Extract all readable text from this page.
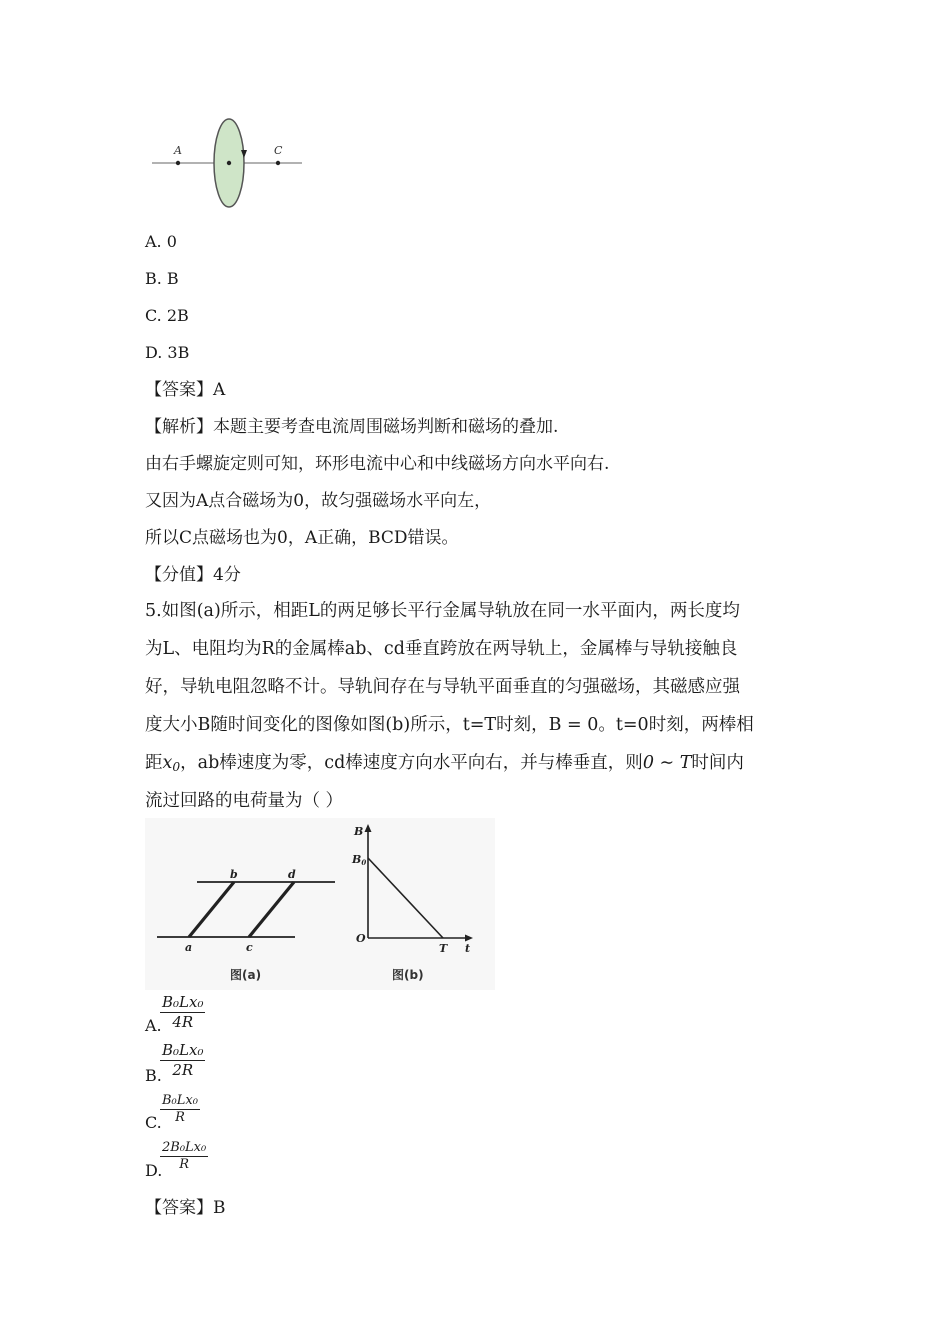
A	C
A. 0
B. B
C. 2B
D. 3B
【答案】A
【解析】本题主要考查电流周围磁场判断和磁场的叠加.
由右手螺旋定则可知，环形电流中心和中线磁场方向水平向右.
又因为A点合磁场为0，故匀强磁场水平向左，
所以C点磁场也为0，A正确，BCD错误。
【分值】4分
5.如图(a)所示，相距L的两足够长平行金属导轨放在同一水平面内，两长度均
为L、电阻均为R的金属棒ab、cd垂直跨放在两导轨上，金属棒与导轨接触良
好，导轨电阻忽略不计。导轨间存在与导轨平面垂直的匀强磁场，其磁感应强
度大小B随时间变化的图像如图(b)所示，t=T时刻，B = 0。t=0时刻，两棒相
距$x_0$，ab棒速度为零，cd棒速度方向水平向右，并与棒垂直，则0 ∼ T时间内
流过回路的电荷量为（ ）
a
b
c
d
图(a)
B
B0
O
T t
图(b)
A.
$\frac{\text{B₀Lx₀}}{4R}$
B.
$\frac{\text{B₀Lx₀}}{2R}$
C.
$\frac{\text{B₀Lx₀}}{R}$
D.
$\frac{\text{2B₀Lx₀}}{R}$
【答案】B
